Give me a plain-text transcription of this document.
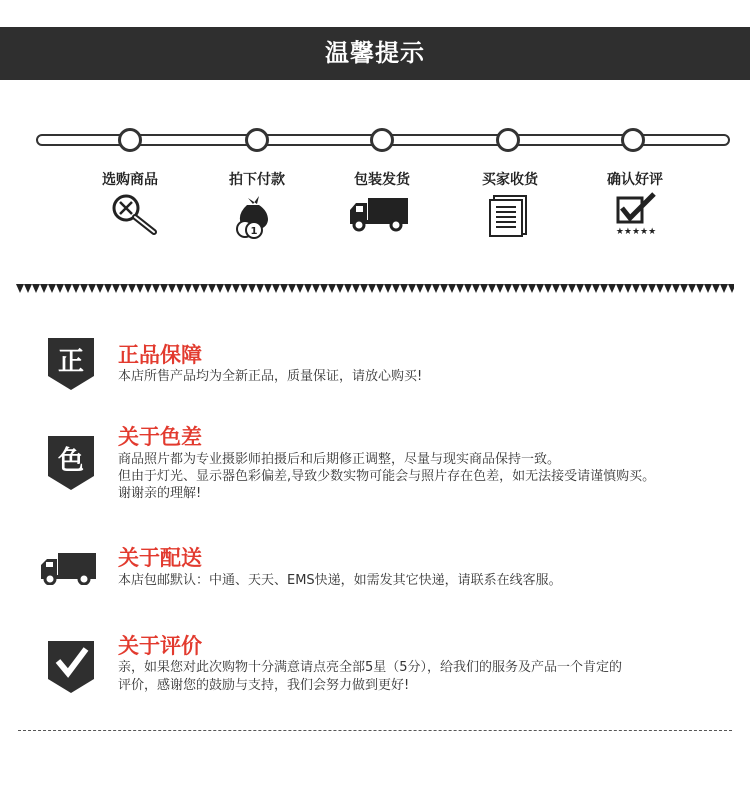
温馨提示
选购商品	拍下付款	包装发货	买家收货	确认好评
1	★★★★★
正	正品保障
本店所售产品均为全新正品，质量保证，请放心购买!
色
关于色差
商品照片都为专业摄影师拍摄后和后期修正调整，尽量与现实商品保持一致。
但由于灯光、显示器色彩偏差,导致少数实物可能会与照片存在色差，如无法接受请谨慎购买。
谢谢亲的理解!
关于配送
本店包邮默认：中通、天天、EMS快递，如需发其它快递，请联系在线客服。
关于评价
亲，如果您对此次购物十分满意请点亮全部5星（5分），给我们的服务及产品一个肯定的
评价，感谢您的鼓励与支持，我们会努力做到更好!
